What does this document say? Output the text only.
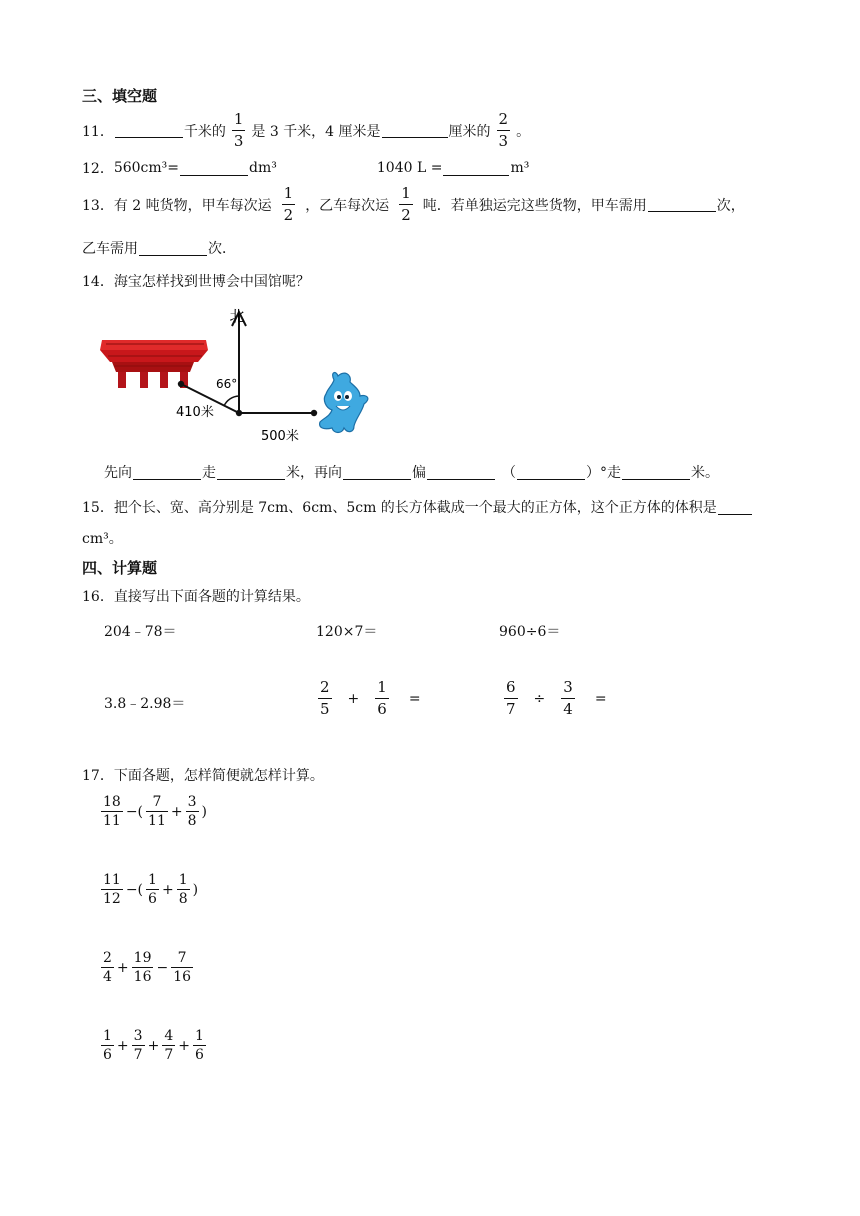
三、填空题
11．	千米的 $\frac{1}{3}$ 是 3 千米，4 厘米是	厘米的 $\frac{2}{3}$ 。
12． 560cm³=	dm³	1040 L =	m³
13． 有 2 吨货物，甲车每次运 $\frac{1}{2}$ ，乙车每次运 $\frac{1}{2}$ 吨．若单独运完这些货物，甲车需用	次，
乙车需用	次．
14． 海宝怎样找到世博会中国馆呢？
北
66°
410米
500米
先向	走	米，再向	偏	（	）°走	米。
15． 把个长、宽、高分别是 7cm、6cm、5cm 的长方体截成一个最大的正方体，这个正方体的体积是
cm³。
四、计算题
16． 直接写出下面各题的计算结果。
204﹣78＝	120×7＝	960÷6＝
3.8﹣2.98＝	$\frac{2}{5} + \frac{1}{6}$ =	$\frac{6}{7} \div \frac{3}{4}$ =
17． 下面各题，怎样简便就怎样计算。
$\frac{18}{11}$ −( $\frac{7}{11} + \frac{3}{8}$ )
$\frac{11}{12}$ −( $\frac{1}{6} + \frac{1}{8}$ )
$\frac{2}{4} + \frac{19}{16} - \frac{7}{16}$
$\frac{1}{6} + \frac{3}{7} + \frac{4}{7} + \frac{1}{6}$
